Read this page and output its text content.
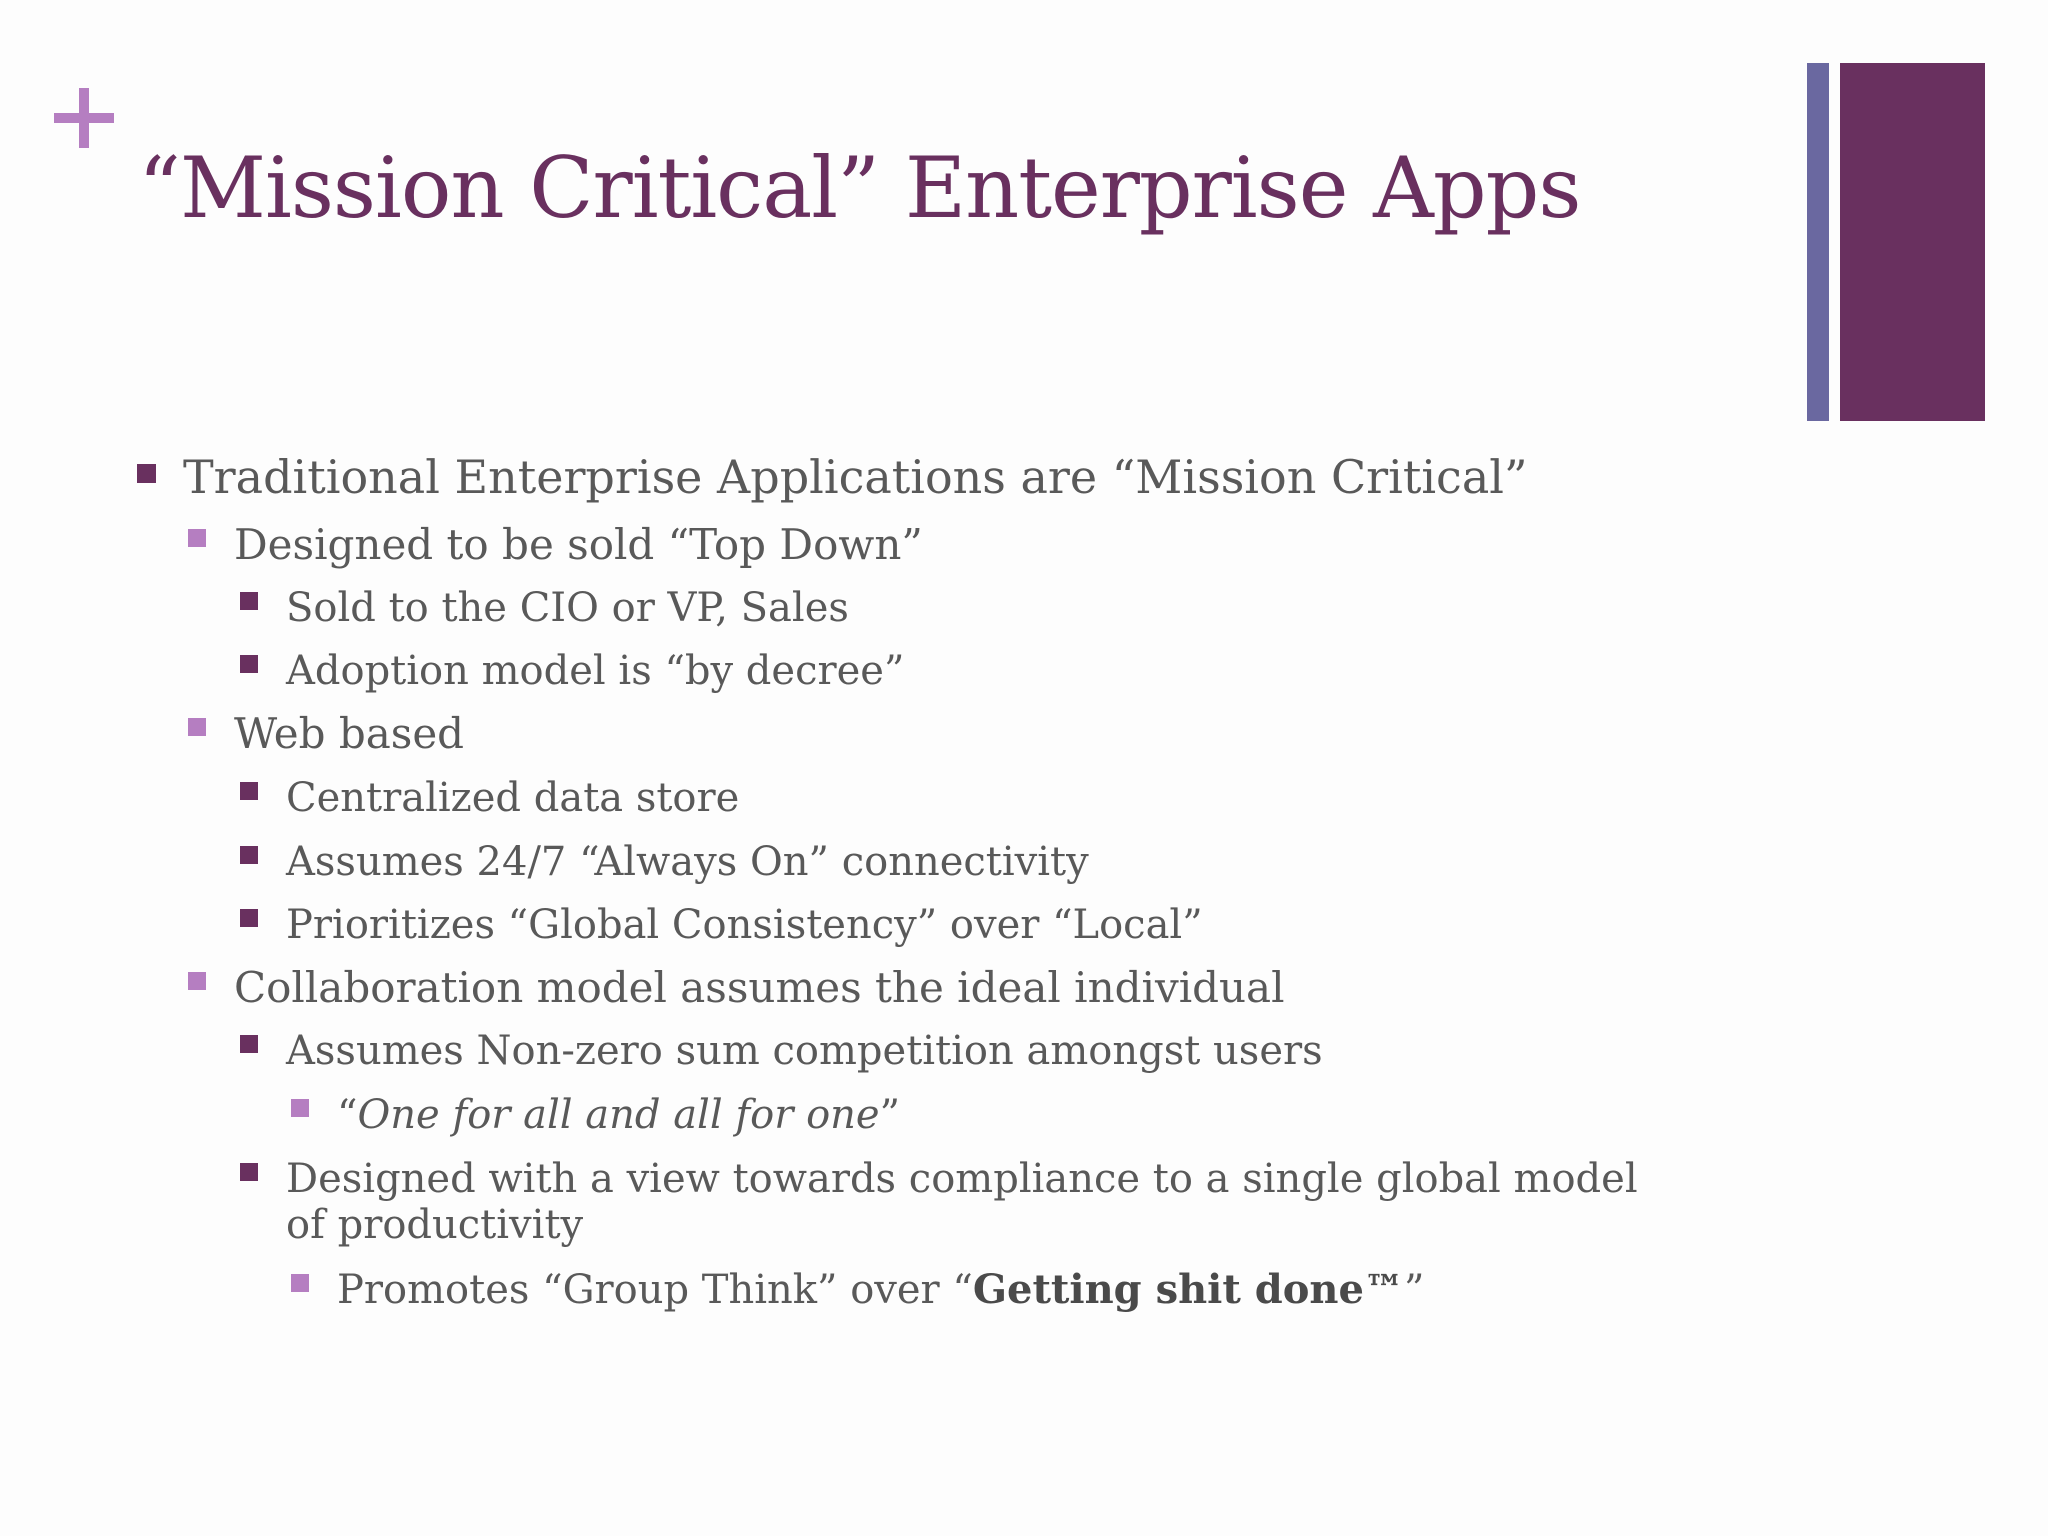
“Mission Critical” Enterprise Apps
Traditional Enterprise Applications are “Mission Critical”
Designed to be sold “Top Down”
Sold to the CIO or VP, Sales
Adoption model is “by decree”
Web based
Centralized data store
Assumes 24/7 “Always On” connectivity
Prioritizes “Global Consistency” over “Local”
Collaboration model assumes the ideal individual
Assumes Non-zero sum competition amongst users
“One for all and all for one”
Designed with a view towards compliance to a single global model
of productivity
Promotes “Group Think” over “Getting shit done™”
